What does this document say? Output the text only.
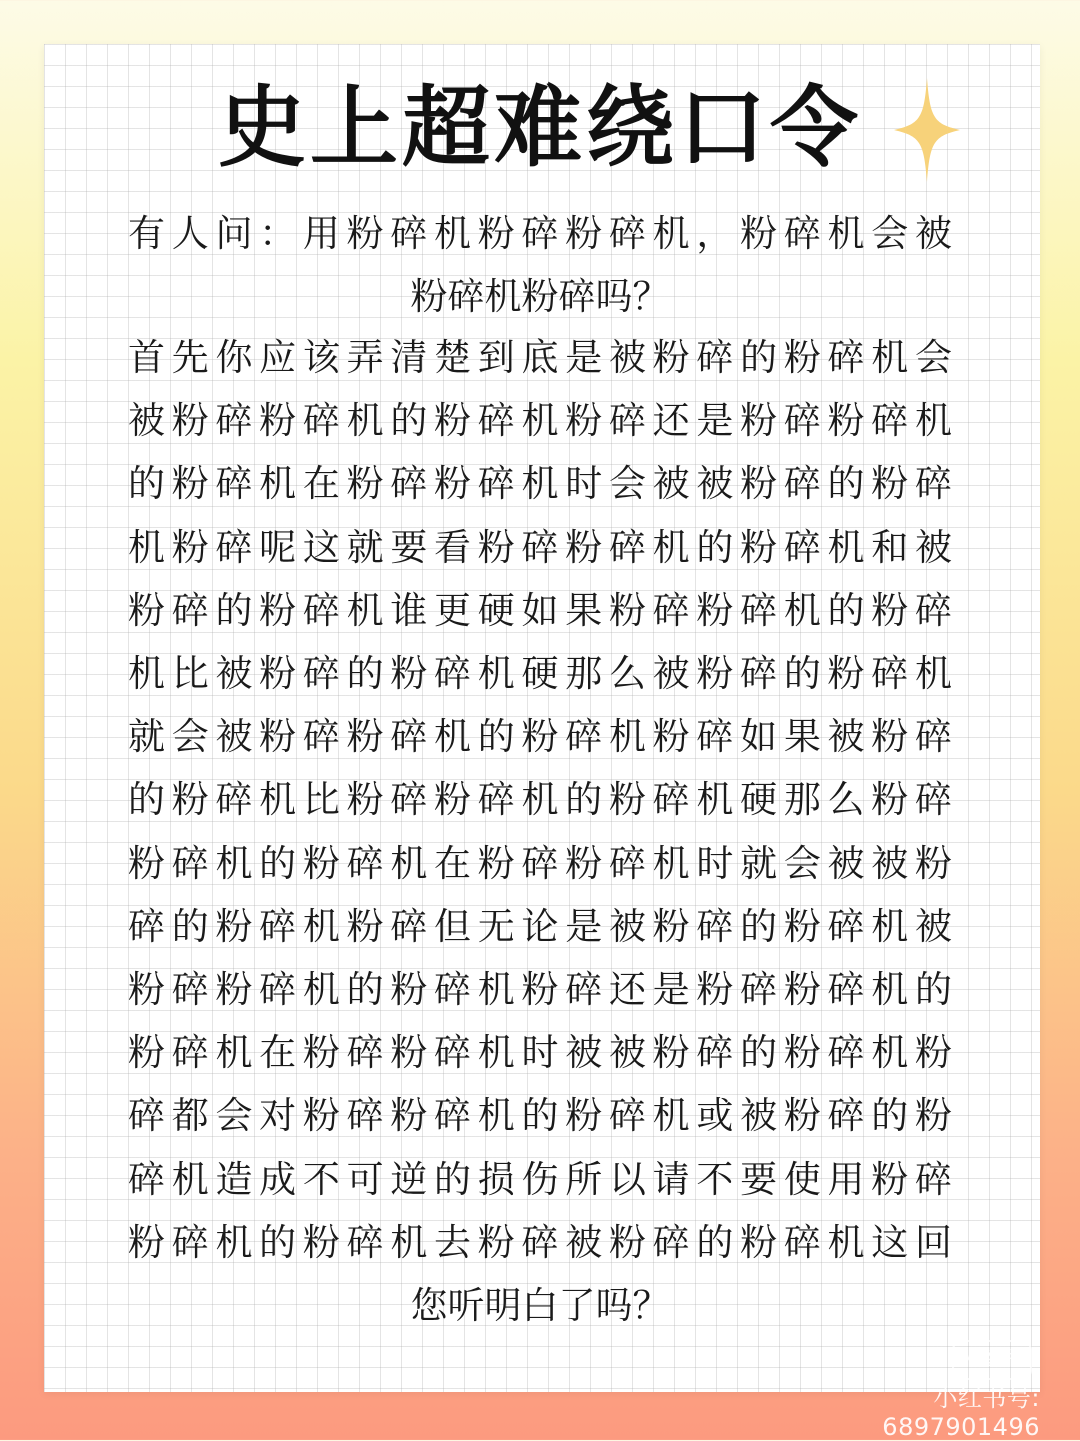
史上超难绕口令
有人问：用粉碎机粉碎粉碎机，粉碎机会被
粉碎机粉碎吗？
首先你应该弄清楚到底是被粉碎的粉碎机会
被粉碎粉碎机的粉碎机粉碎还是粉碎粉碎机
的粉碎机在粉碎粉碎机时会被被粉碎的粉碎
机粉碎呢这就要看粉碎粉碎机的粉碎机和被
粉碎的粉碎机谁更硬如果粉碎粉碎机的粉碎
机比被粉碎的粉碎机硬那么被粉碎的粉碎机
就会被粉碎粉碎机的粉碎机粉碎如果被粉碎
的粉碎机比粉碎粉碎机的粉碎机硬那么粉碎
粉碎机的粉碎机在粉碎粉碎机时就会被被粉
碎的粉碎机粉碎但无论是被粉碎的粉碎机被
粉碎粉碎机的粉碎机粉碎还是粉碎粉碎机的
粉碎机在粉碎粉碎机时被被粉碎的粉碎机粉
碎都会对粉碎粉碎机的粉碎机或被粉碎的粉
碎机造成不可逆的损伤所以请不要使用粉碎
粉碎机的粉碎机去粉碎被粉碎的粉碎机这回
您听明白了吗？
小红书
小红书号: 6897901496
